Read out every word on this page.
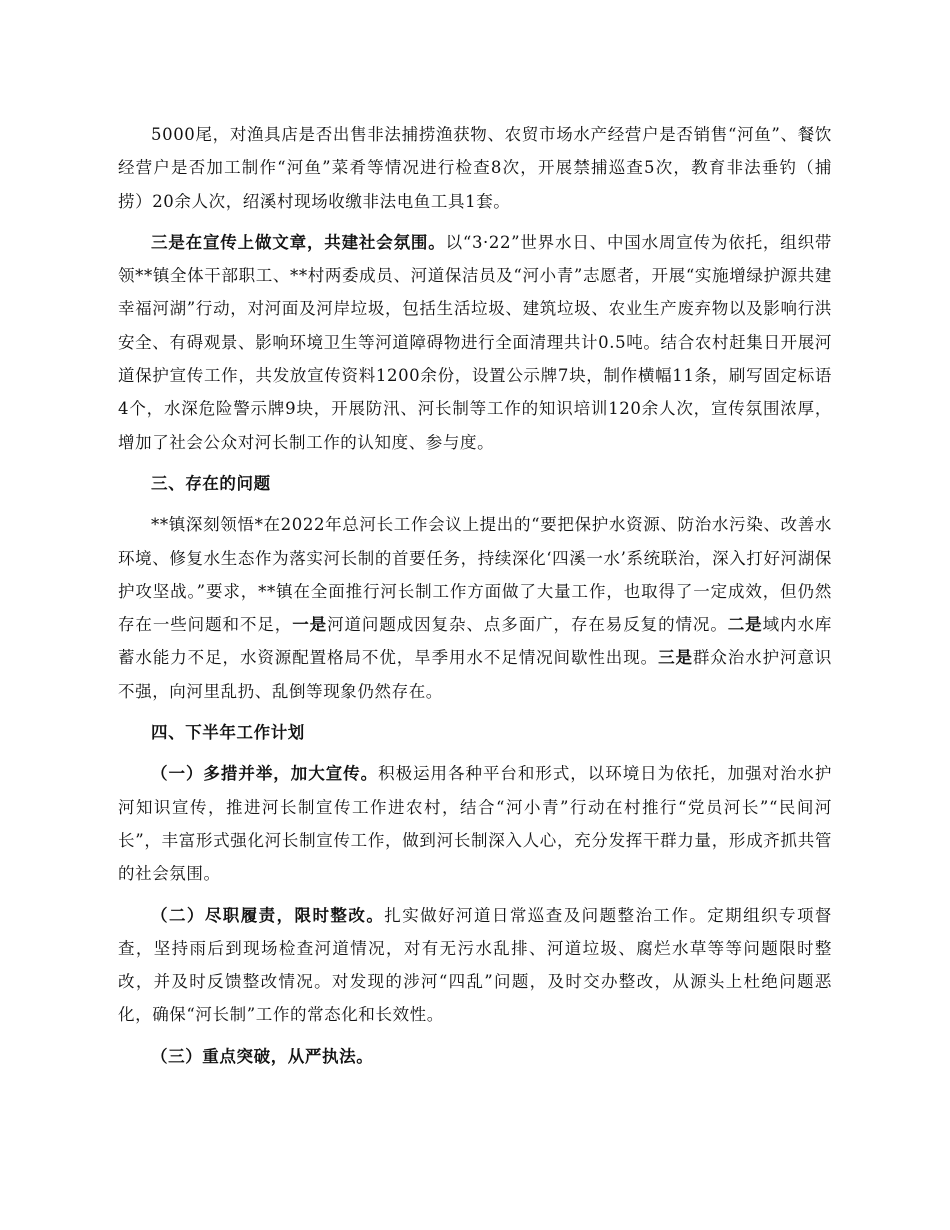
5000尾，对渔具店是否出售非法捕捞渔获物、农贸市场水产经营户是否销售“河鱼”、餐饮经营户是否加工制作“河鱼”菜肴等情况进行检查8次，开展禁捕巡查5次，教育非法垂钓（捕捞）20余人次，绍溪村现场收缴非法电鱼工具1套。

三是在宣传上做文章，共建社会氛围。以“3·22”世界水日、中国水周宣传为依托，组织带领**镇全体干部职工、**村两委成员、河道保洁员及“河小青”志愿者，开展“实施增绿护源共建幸福河湖”行动，对河面及河岸垃圾，包括生活垃圾、建筑垃圾、农业生产废弃物以及影响行洪安全、有碍观景、影响环境卫生等河道障碍物进行全面清理共计0.5吨。结合农村赶集日开展河道保护宣传工作，共发放宣传资料1200余份，设置公示牌7块，制作横幅11条，刷写固定标语4个，水深危险警示牌9块，开展防汛、河长制等工作的知识培训120余人次，宣传氛围浓厚，增加了社会公众对河长制工作的认知度、参与度。

三、存在的问题

**镇深刻领悟*在2022年总河长工作会议上提出的“要把保护水资源、防治水污染、改善水环境、修复水生态作为落实河长制的首要任务，持续深化‘四溪一水’系统联治，深入打好河湖保护攻坚战。”要求，**镇在全面推行河长制工作方面做了大量工作，也取得了一定成效，但仍然存在一些问题和不足，一是河道问题成因复杂、点多面广，存在易反复的情况。二是域内水库蓄水能力不足，水资源配置格局不优，旱季用水不足情况间歇性出现。三是群众治水护河意识不强，向河里乱扔、乱倒等现象仍然存在。

四、下半年工作计划

（一）多措并举，加大宣传。积极运用各种平台和形式，以环境日为依托，加强对治水护河知识宣传，推进河长制宣传工作进农村，结合“河小青”行动在村推行“党员河长”“民间河长”，丰富形式强化河长制宣传工作，做到河长制深入人心，充分发挥干群力量，形成齐抓共管的社会氛围。

（二）尽职履责，限时整改。扎实做好河道日常巡查及问题整治工作。定期组织专项督查，坚持雨后到现场检查河道情况，对有无污水乱排、河道垃圾、腐烂水草等等问题限时整改，并及时反馈整改情况。对发现的涉河“四乱”问题，及时交办整改，从源头上杜绝问题恶化，确保“河长制”工作的常态化和长效性。

（三）重点突破，从严执法。
